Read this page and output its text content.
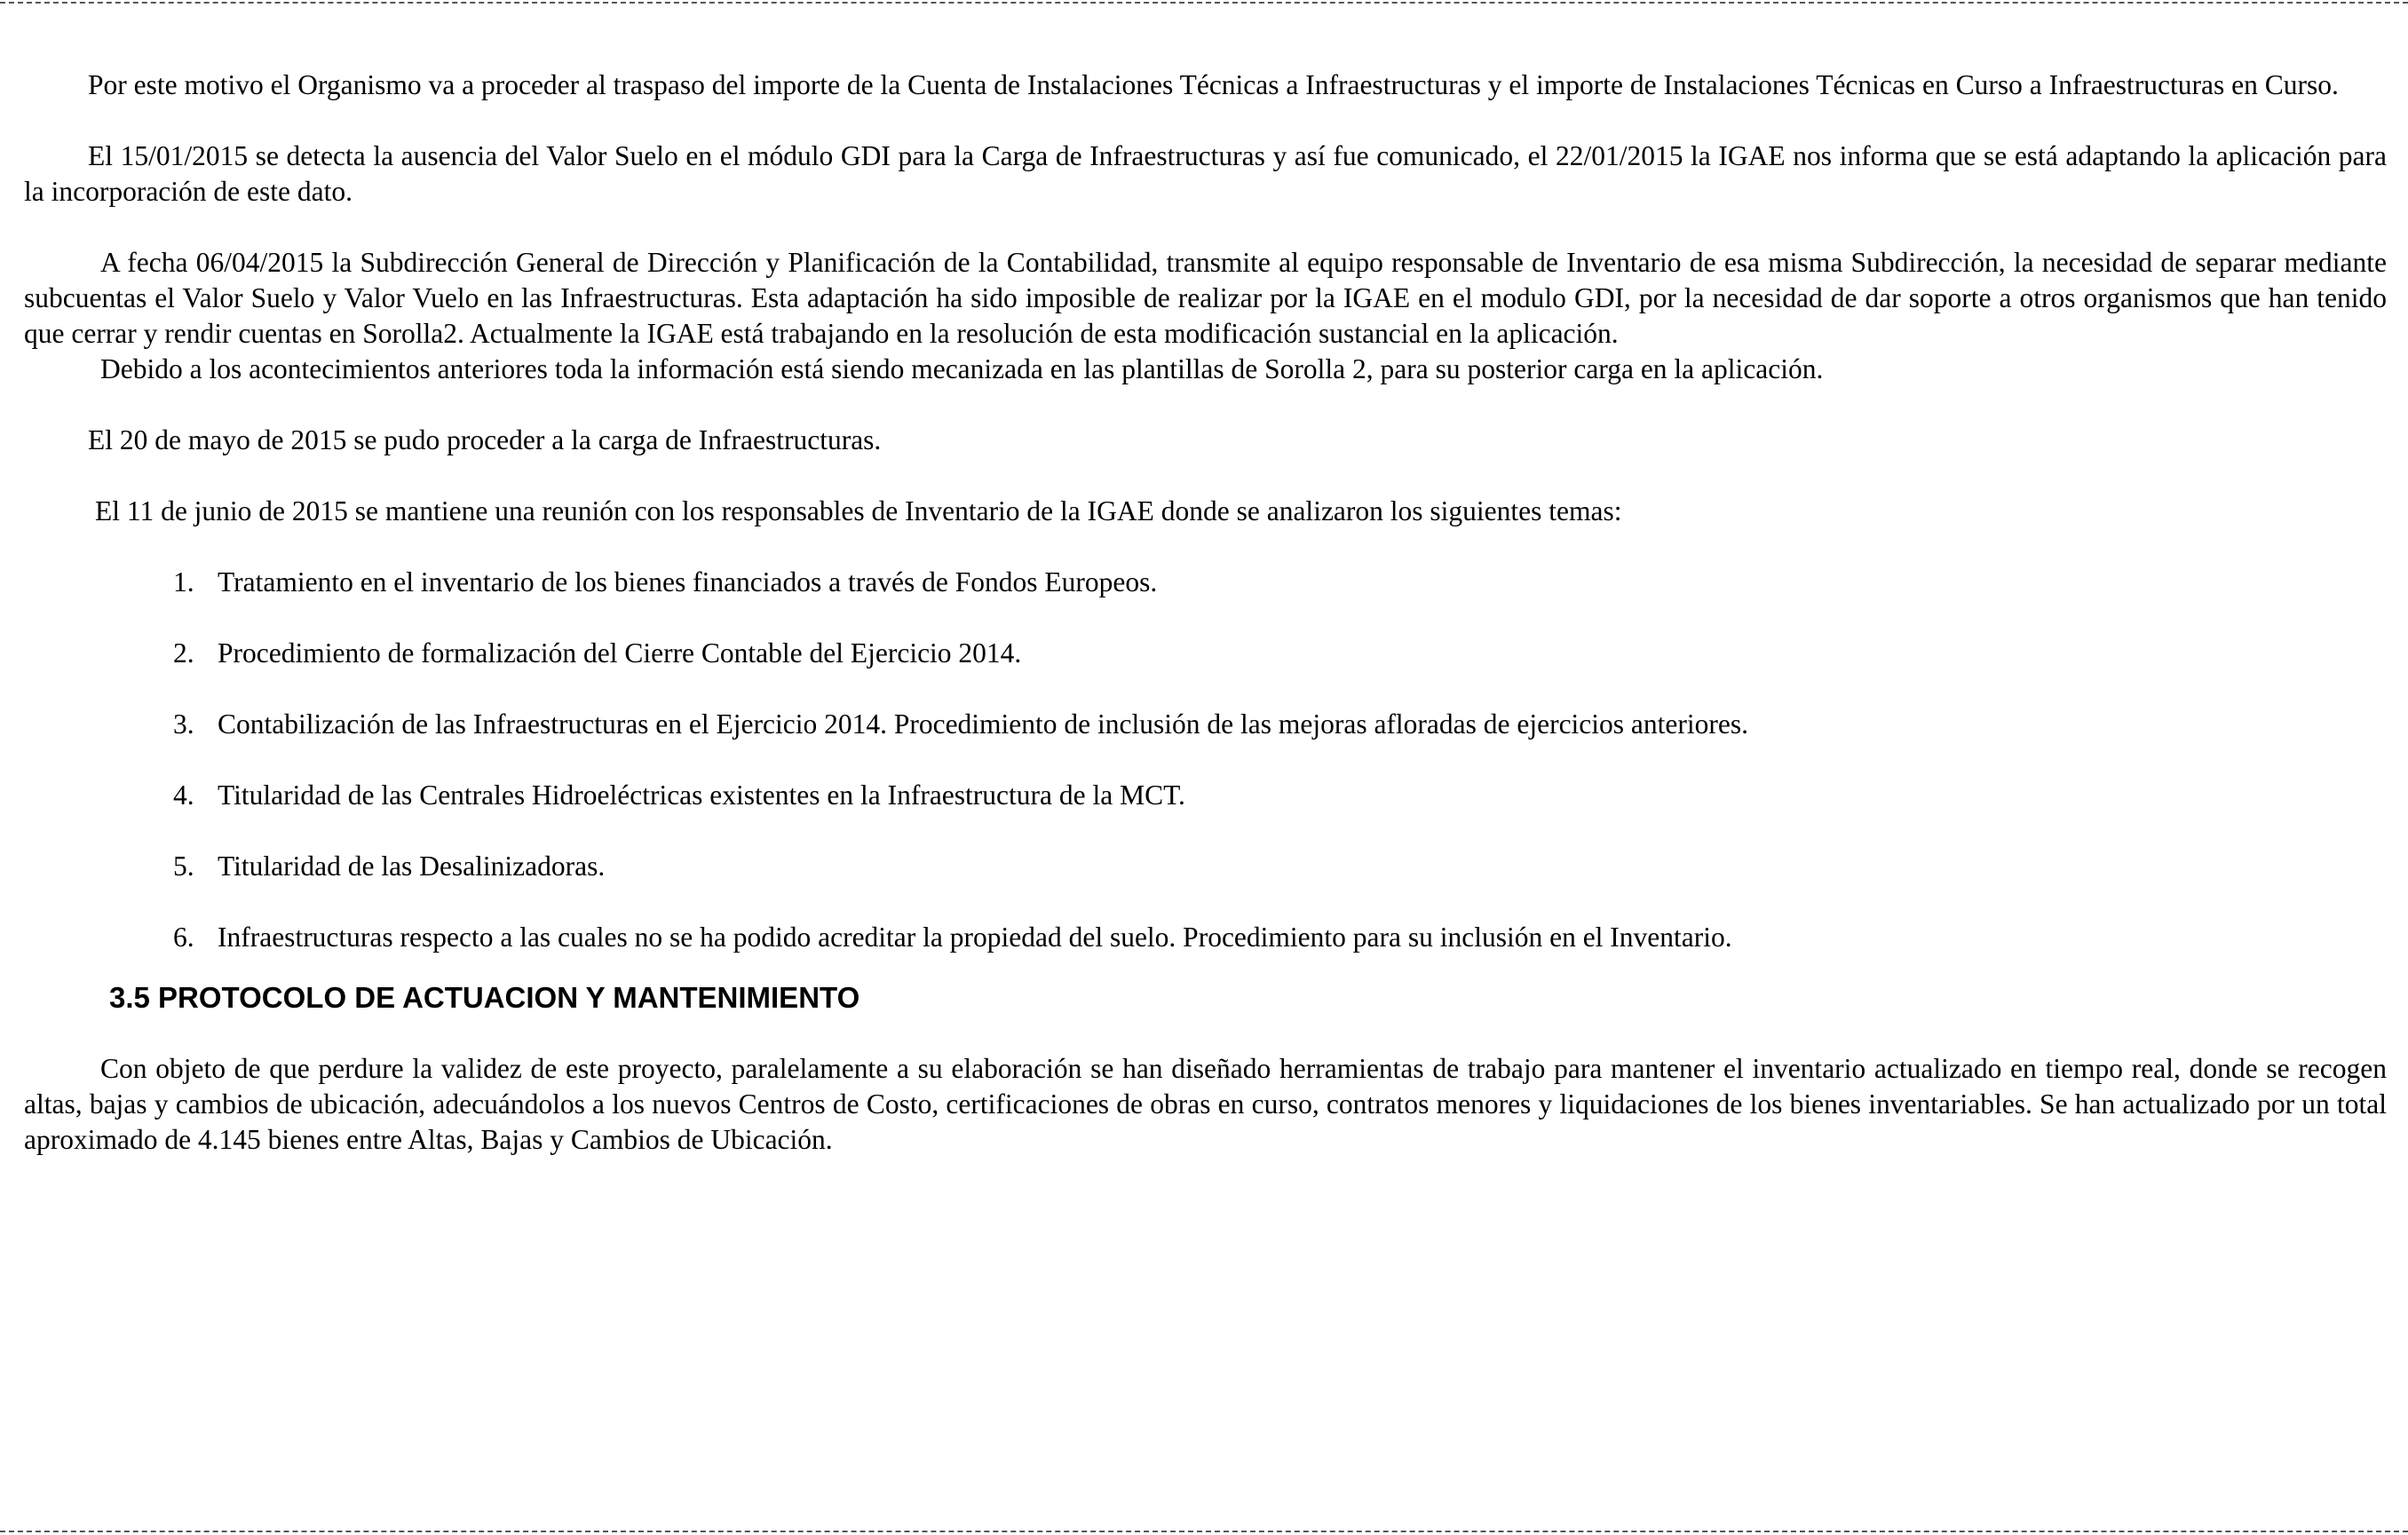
Por este motivo el Organismo va a proceder al traspaso del importe de la Cuenta de Instalaciones Técnicas a Infraestructuras y el importe de Instalaciones Técnicas en Curso a Infraestructuras en Curso.

El 15/01/2015 se detecta la ausencia del Valor Suelo en el módulo GDI para la Carga de Infraestructuras y así fue comunicado, el 22/01/2015 la IGAE nos informa que se está adaptando la aplicación para la incorporación de este dato.

A fecha 06/04/2015 la Subdirección General de Dirección y Planificación de la Contabilidad, transmite al equipo responsable de Inventario de esa misma Subdirección, la necesidad de separar mediante subcuentas el Valor Suelo y Valor Vuelo en las Infraestructuras. Esta adaptación ha sido imposible de realizar por la IGAE en el modulo GDI, por la necesidad de dar soporte a otros organismos que han tenido que cerrar y rendir cuentas en Sorolla2. Actualmente la IGAE está trabajando en la resolución de esta modificación sustancial en la aplicación.

Debido a los acontecimientos anteriores toda la información está siendo mecanizada en las plantillas de Sorolla 2, para su posterior carga en la aplicación.

El 20 de mayo de 2015 se pudo proceder a la carga de Infraestructuras.

El 11 de junio de 2015 se mantiene una reunión con los responsables de Inventario de la IGAE donde se analizaron los siguientes temas:

1. Tratamiento en el inventario de los bienes financiados a través de Fondos Europeos.
2. Procedimiento de formalización del Cierre Contable del Ejercicio 2014.
3. Contabilización de las Infraestructuras en el Ejercicio 2014. Procedimiento de inclusión de las mejoras afloradas de ejercicios anteriores.
4. Titularidad de las Centrales Hidroeléctricas existentes en la Infraestructura de la MCT.
5. Titularidad de las Desalinizadoras.
6. Infraestructuras respecto a las cuales no se ha podido acreditar la propiedad del suelo. Procedimiento para su inclusión en el Inventario.
3.5 PROTOCOLO DE ACTUACION Y MANTENIMIENTO

Con objeto de que perdure la validez de este proyecto, paralelamente a su elaboración se han diseñado herramientas de trabajo para mantener el inventario actualizado en tiempo real, donde se recogen altas, bajas y cambios de ubicación, adecuándolos a los nuevos Centros de Costo, certificaciones de obras en curso, contratos menores y liquidaciones de los bienes inventariables. Se han actualizado por un total aproximado de 4.145 bienes entre Altas, Bajas y Cambios de Ubicación.
